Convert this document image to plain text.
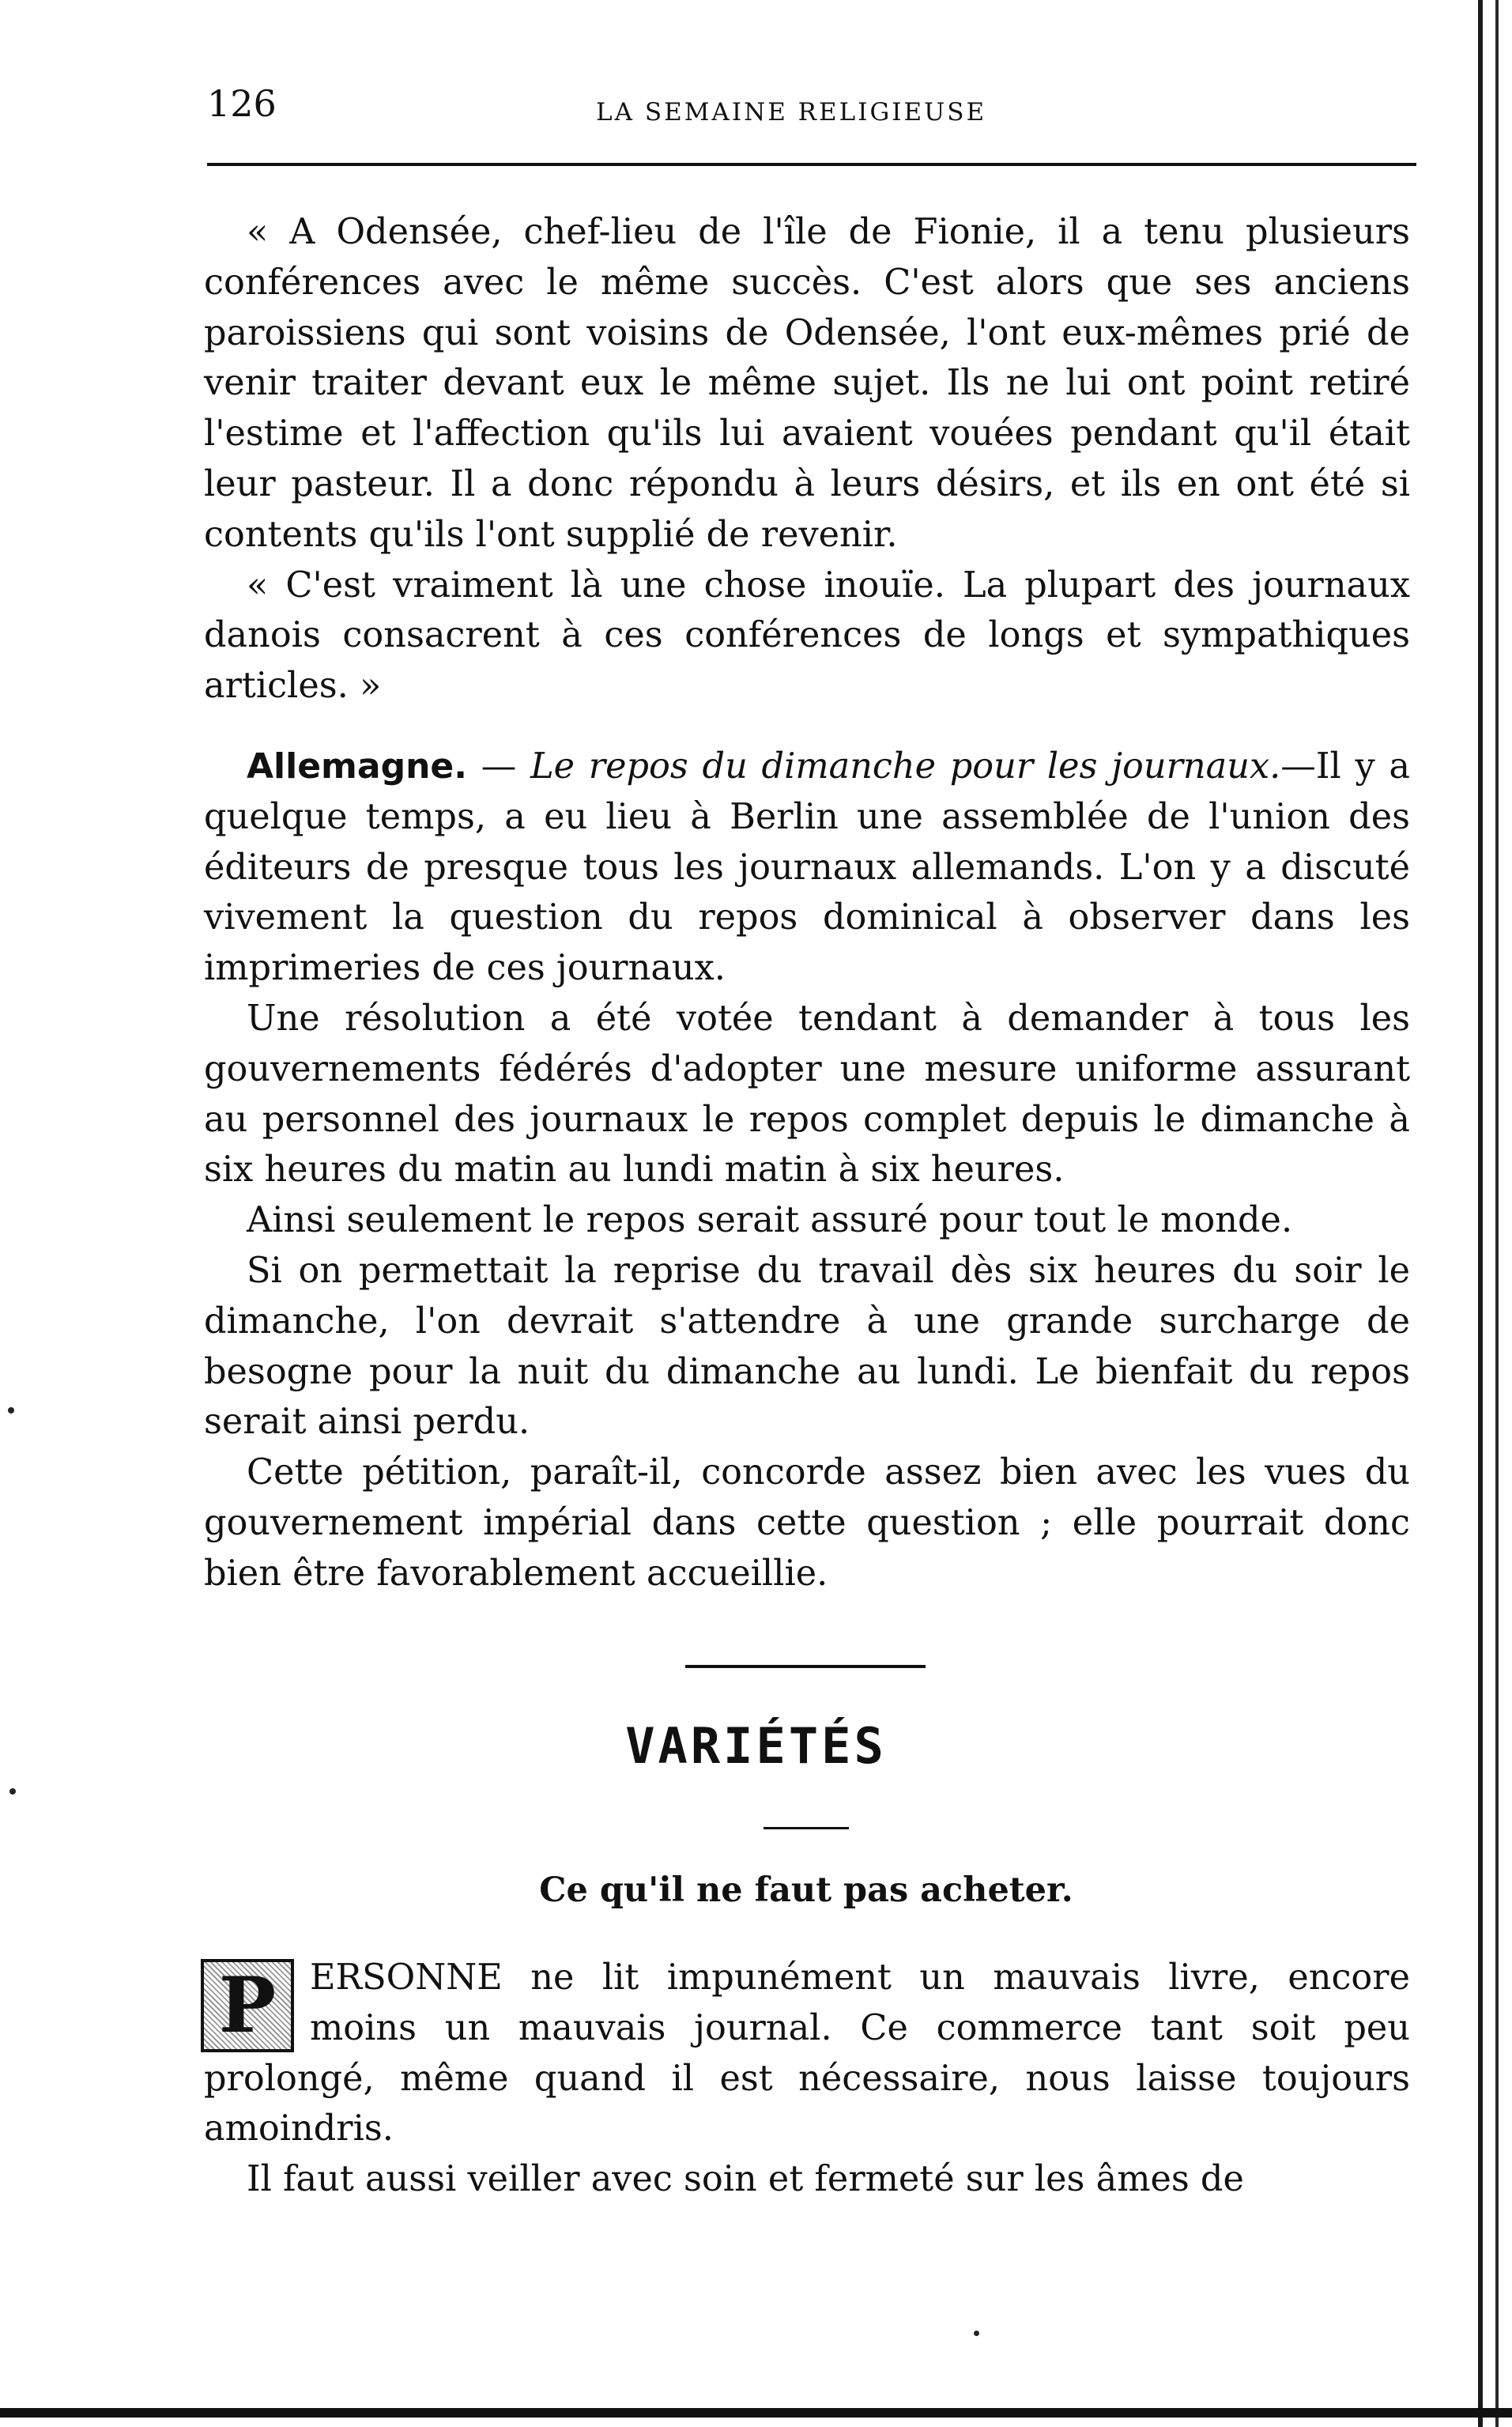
126	LA SEMAINE RELIGIEUSE

« A Odensée, chef-lieu de l'île de Fionie, il a tenu plusieurs conférences avec le même succès. C'est alors que ses anciens paroissiens qui sont voisins de Odensée, l'ont eux-mêmes prié de venir traiter devant eux le même sujet. Ils ne lui ont point retiré l'estime et l'affection qu'ils lui avaient vouées pendant qu'il était leur pasteur. Il a donc répondu à leurs désirs, et ils en ont été si contents qu'ils l'ont supplié de revenir.

« C'est vraiment là une chose inouïe. La plupart des journaux danois consacrent à ces conférences de longs et sympathiques articles. »

Allemagne. — Le repos du dimanche pour les journaux.—Il y a quelque temps, a eu lieu à Berlin une assemblée de l'union des éditeurs de presque tous les journaux allemands. L'on y a discuté vivement la question du repos dominical à observer dans les imprimeries de ces journaux.

Une résolution a été votée tendant à demander à tous les gouvernements fédérés d'adopter une mesure uniforme assurant au personnel des journaux le repos complet depuis le dimanche à six heures du matin au lundi matin à six heures.

Ainsi seulement le repos serait assuré pour tout le monde.

Si on permettait la reprise du travail dès six heures du soir le dimanche, l'on devrait s'attendre à une grande surcharge de besogne pour la nuit du dimanche au lundi. Le bienfait du repos serait ainsi perdu.

Cette pétition, paraît-il, concorde assez bien avec les vues du gouvernement impérial dans cette question ; elle pourrait donc bien être favorablement accueillie.

VARIÉTÉS
Ce qu'il ne faut pas acheter.

P ERSONNE ne lit impunément un mauvais livre, encore moins un mauvais journal. Ce commerce tant soit peu prolongé, même quand il est nécessaire, nous laisse toujours amoindris.

Il faut aussi veiller avec soin et fermeté sur les âmes de
